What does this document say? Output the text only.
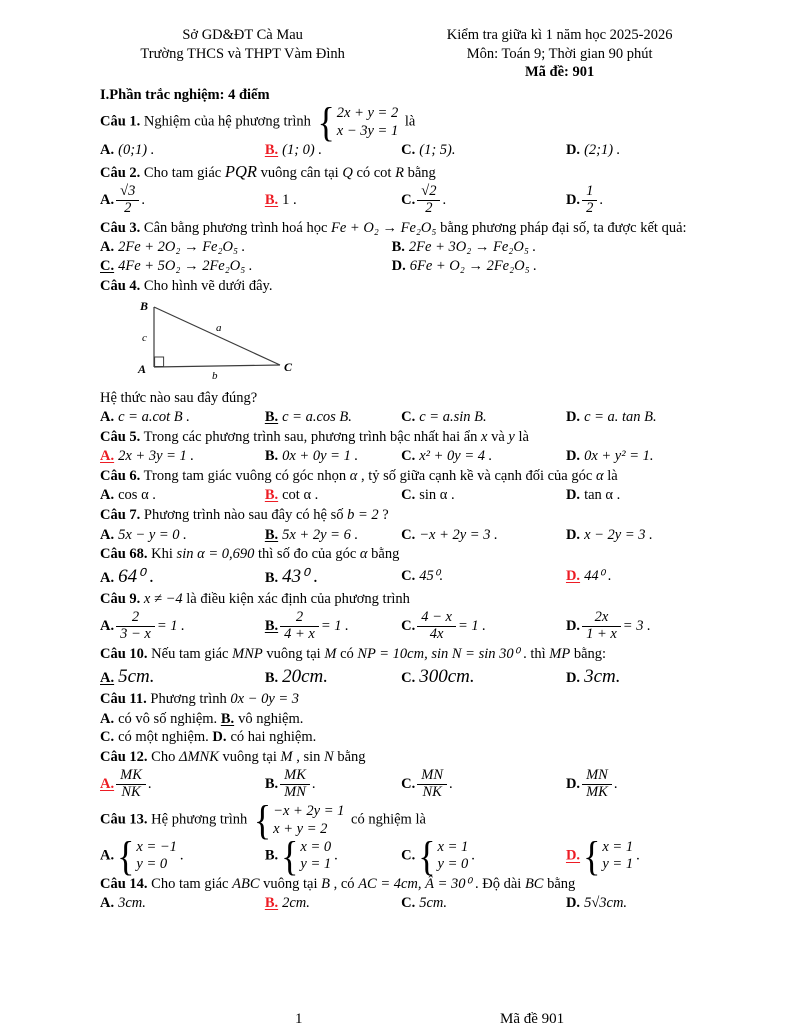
Sở GD&ĐT Cà Mau
Trường THCS và THPT Vàm Đình
Kiểm tra giữa kì 1 năm học 2025-2026
Môn: Toán 9; Thời gian 90 phút
Mã đề: 901
I.Phần trắc nghiệm: 4 điểm
Câu 1. Nghiệm của hệ phương trình { 2x + y = 2
x − 3y = 1
là
A. (0;1) .	B. (1; 0) .	C. (1; 5).	D. (2;1) .
Câu 2. Cho tam giác PQR vuông cân tại Q có cot R bằng
A. $\frac{√3}{2}$ .	B. 1 .	C. $\frac{√2}{2}$ .	D. $\frac{1}{2}$ .
Câu 3. Cân bằng phương trình hoá học Fe + O₂ → Fe₂O₅ bằng phương pháp đại số, ta được kết quả:
A. 2Fe + 2O₂ → Fe₂O₅ .	B. 2Fe + 3O₂ → Fe₂O₅ .
C. 4Fe + 5O₂ → 2Fe₂O₅ .	D. 6Fe + O₂ → 2Fe₂O₅ .
Câu 4. Cho hình vẽ dưới đây.
B
c
a
A	b
C
Hệ thức nào sau đây đúng?
A. c = a.cot B .	B. c = a.cos B.	C. c = a.sin B.	D. c = a. tan B.
Câu 5. Trong các phương trình sau, phương trình bậc nhất hai ẩn x và y là
A. 2x + 3y = 1 .	B. 0x + 0y = 1 .	C. x² + 0y = 4 .	D. 0x + y² = 1.
Câu 6. Trong tam giác vuông có góc nhọn α , tỷ số giữa cạnh kề và cạnh đối của góc α là
A. cos α .	B. cot α .	C. sin α .	D. tan α .
Câu 7. Phương trình nào sau đây có hệ số b = 2 ?
A. 5x − y = 0 .	B. 5x + 2y = 6 .	C. −x + 2y = 3 .	D. x − 2y = 3 .
Câu 68. Khi sin α = 0,690 thì số đo của góc α bằng
A. 64⁰ .	B. 43⁰ .	C. 45⁰.	D. 44⁰ .
Câu 9. x ≠ −4 là điều kiện xác định của phương trình
A. $\frac{2}{3 - x} = 1$ .	B. $\frac{2}{4 + x} = 1$ .	C. $\frac{4 - x}{4x} = 1$ .	D. $\frac{2x}{1 + x} = 3$ .
Câu 10. Nếu tam giác MNP vuông tại M có NP = 10cm, sin N = sin 30⁰ . thì MP bằng:
A. 5cm.	B. 20cm.	C. 300cm.	D. 3cm.
Câu 11. Phương trình 0x − 0y = 3
A. có vô số nghiệm. B. vô nghiệm.
C. có một nghiệm. D. có hai nghiệm.
Câu 12. Cho ΔMNK vuông tại M , sin N bằng
A. $\frac{MK}{NK}$ .	B. $\frac{MK}{MN}$ .	C. $\frac{MN}{NK}$ .	D. $\frac{MN}{MK}$ .
Câu 13. Hệ phương trình { −x + 2y = 1
x + y = 2
có nghiệm là
A. { x = −1
y = 0
.	B. { x = 0
y = 1
.	C. { x = 1
y = 0
.	D. { x = 1
y = 1
.
Câu 14. Cho tam giác ABC vuông tại B , có AC = 4cm, Â = 30⁰ . Độ dài BC bằng
A. 3cm.	B. 2cm.	C. 5cm.	D. 5√3cm.
1	Mã đề 901
